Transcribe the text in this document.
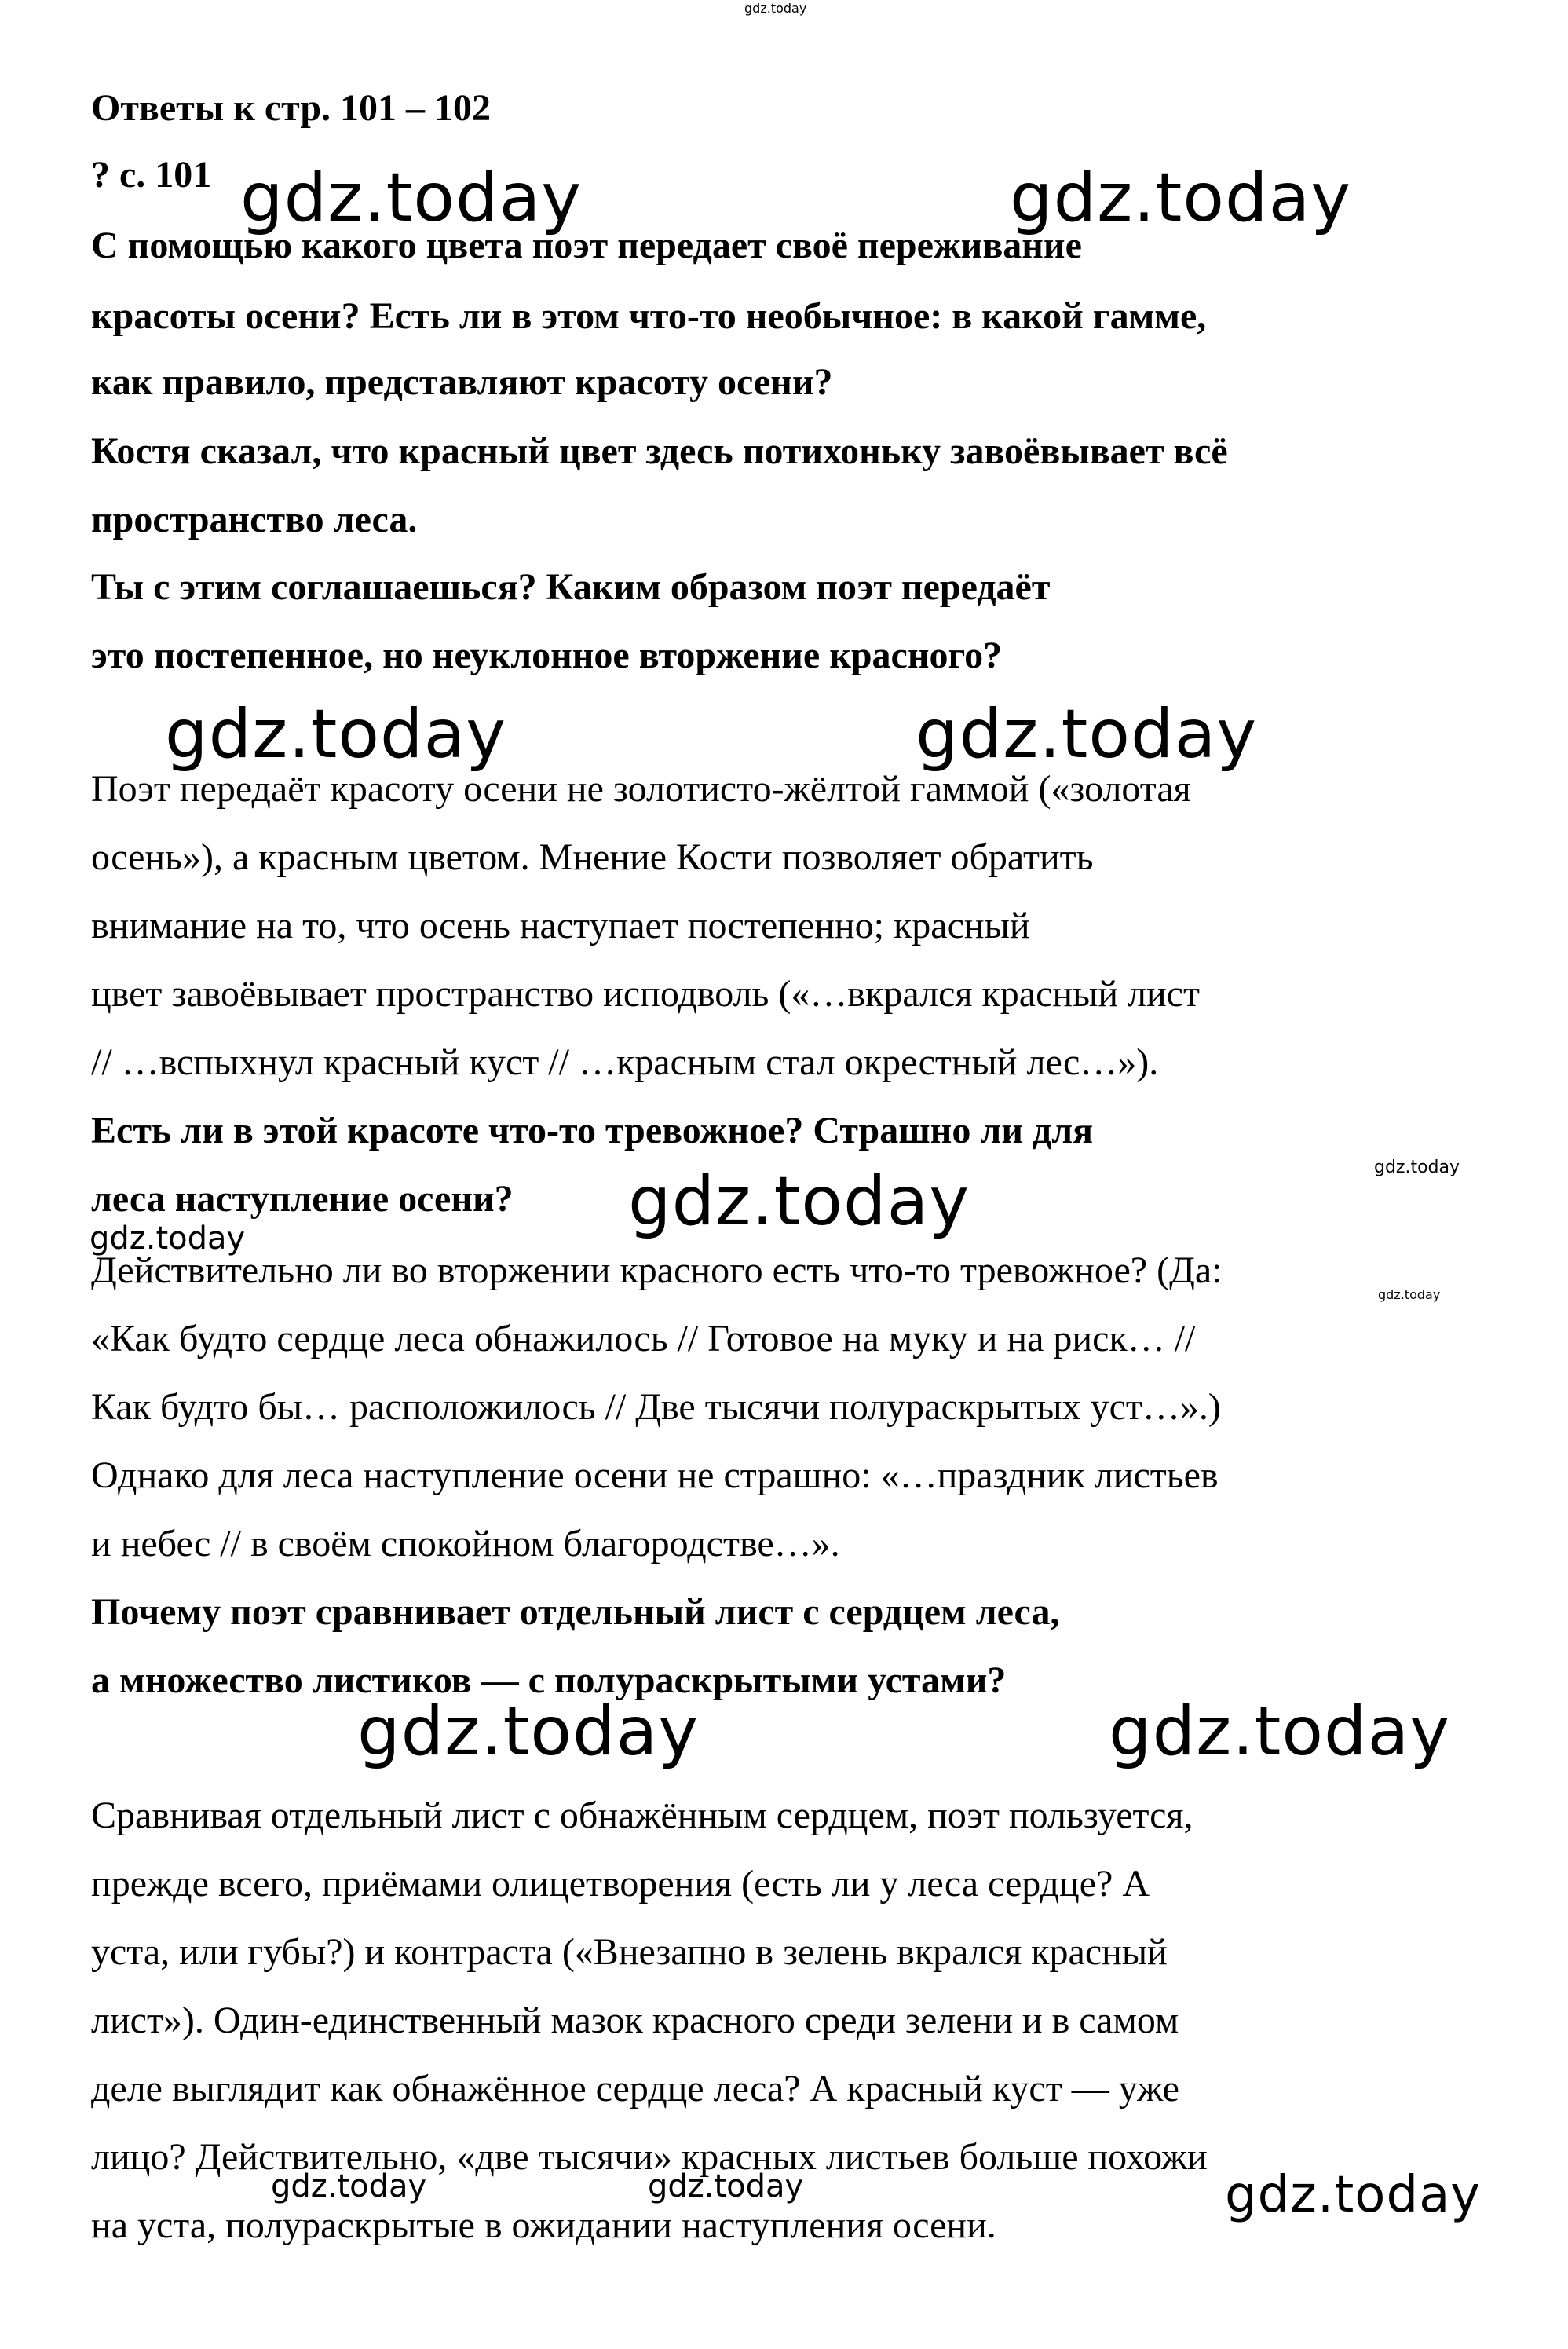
gdz.today
gdz.today	gdz.today
gdz.today	gdz.today
gdz.today
gdz.today
gdz.today
gdz.today
gdz.today	gdz.today
gdz.today	gdz.today	gdz.today

Ответы к стр. 101 – 102

? с. 101

С помощью какого цвета поэт передает своё переживание

красоты осени? Есть ли в этом что-то необычное: в какой гамме,

как правило, представляют красоту осени?

Костя сказал, что красный цвет здесь потихоньку завоёвывает всё

пространство леса.

Ты с этим соглашаешься? Каким образом поэт передаёт

это постепенное, но неуклонное вторжение красного?

Поэт передаёт красоту осени не золотисто-жёлтой гаммой («золотая

осень»), а красным цветом. Мнение Кости позволяет обратить

внимание на то, что осень наступает постепенно; красный

цвет завоёвывает пространство исподволь («…вкрался красный лист

// …вспыхнул красный куст // …красным стал окрестный лес…»).

Есть ли в этой красоте что-то тревожное? Страшно ли для

леса наступление осени?

Действительно ли во вторжении красного есть что-то тревожное? (Да:

«Как будто сердце леса обнажилось // Готовое на муку и на риск… //

Как будто бы… расположилось // Две тысячи полураскрытых уст…».)

Однако для леса наступление осени не страшно: «…праздник листьев

и небес // в своём спокойном благородстве…».

Почему поэт сравнивает отдельный лист с сердцем леса,

а множество листиков — с полураскрытыми устами?

Сравнивая отдельный лист с обнажённым сердцем, поэт пользуется,

прежде всего, приёмами олицетворения (есть ли у леса сердце? А

уста, или губы?) и контраста («Внезапно в зелень вкрался красный

лист»). Один-единственный мазок красного среди зелени и в самом

деле выглядит как обнажённое сердце леса? А красный куст — уже

лицо? Действительно, «две тысячи» красных листьев больше похожи

на уста, полураскрытые в ожидании наступления осени.
